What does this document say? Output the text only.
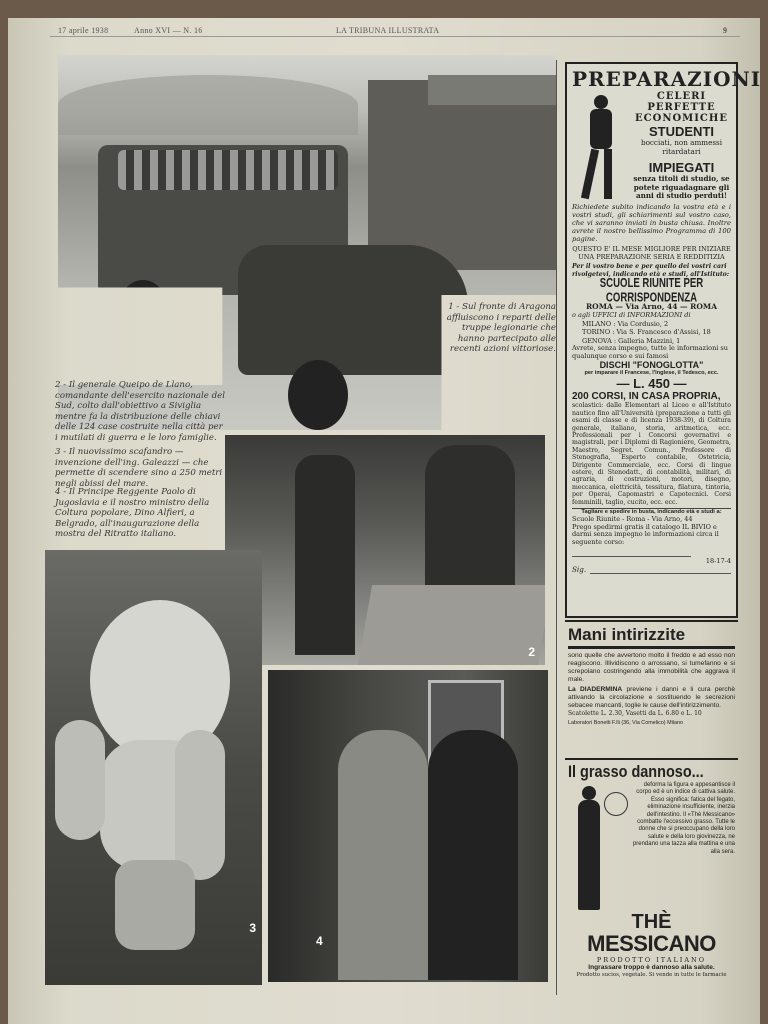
17 aprile 1938	Anno XVI — N. 16	LA TRIBUNA ILLUSTRATA	9
1 - Sul fronte di Aragona affluiscono i reparti delle truppe legionarie che hanno partecipato alle recenti azioni vittoriose.
2 - Il generale Queipo de Llano, comandante dell'esercito nazionale del Sud, colto dall'obiettivo a Siviglia mentre fa la distribuzione delle chiavi delle 124 case costruite nella città per i mutilati di guerra e le loro famiglie.
3 - Il nuovissimo scafandro — invenzione dell'ing. Galeazzi — che permette di scendere sino a 250 metri negli abissi del mare.
4 - Il Principe Reggente Paolo di Jugoslavia e il nostro ministro della Coltura popolare, Dino Alfieri, a Belgrado, all'inaugurazione della mostra del Ritratto italiano.
2
3
4
PREPARAZIONI
CELERI
PERFETTE
ECONOMICHE
STUDENTI
bocciati, non ammessi ritardatari
IMPIEGATI
senza titoli di studio, se potete riguadagnare gli anni di studio perduti!
Richiedete subito indicando la vostra età e i vostri studi, gli schiarimenti sul vostro caso, che vi saranno inviati in busta chiusa. Inoltre avrete il nostro bellissimo Programma di 100 pagine.
QUESTO E' IL MESE MIGLIORE PER INIZIARE UNA PREPARAZIONE SERIA E REDDITIZIA
Per il vostro bene e per quello dei vostri cari rivolgetevi, indicando età e studi, all'Istituto:
SCUOLE RIUNITE PER CORRISPONDENZA
ROMA — Via Arno, 44 — ROMA
o agli UFFICI di INFORMAZIONI di
MILANO : Via Cordusio, 2
TORINO : Via S. Francesco d'Assisi, 18
GENOVA : Galleria Mazzini, 1
Avrete, senza impegno, tutte le informazioni su qualunque corso e sui famosi
DISCHI "FONOGLOTTA"
per imparare il Francese, l'Inglese, il Tedesco, ecc.
— L. 450 —
200 CORSI, IN CASA PROPRIA,
scolastici: dalle Elementari al Liceo e all'Istituto nautico fino all'Università (preparazione a tutti gli esami di classe e di licenza 1938-39), di Coltura generale, italiano, storia, aritmetica, ecc. Professionali per i Concorsi governativi e magistrali, per i Diplomi di Ragioniere, Geometra, Maestro, Segret. Comun., Professore di Stenografia, Esperto contabile, Ostetricia, Dirigente Commerciale, ecc. Corsi di lingue estere, di Stenodatt., di contabilità, militari, di agraria, di costruzioni, motori, disegno, meccanica, elettricità, tessitura, filatura, tintoria, per Operai, Capomastri e Capotecnici. Corsi femminili, taglio, cucito, ecc. ecc.
Tagliare e spedire in busta, indicando età e studi a:
Scuole Riunite - Roma - Via Arno, 44
Prego spedirmi gratis il catalogo IL BIVIO e darmi senza impegno le informazioni circa il seguente corso:
18-17-4
Sig.
Mani intirizzite
sono quelle che avvertono molto il freddo e ad esso non reagiscono. Illividiscono o arrossano, si tumefanno e si screpolano costringendo alla immobilità che aggrava il male.
La DIADERMINA previene i danni e li cura perchè attivando la circolazione e sostituendo le secrezioni sebacee mancanti, toglie le cause dell'intirizzimento.
Scatolette L. 2.30, Vasetti da L. 6.80 e L. 10
Laboratori Bonetti F.lli (36, Via Comelico) Milano
Il grasso dannoso...
deforma la figura e appesantisce il corpo ed è un indice di cattiva salute. Esso significa: fatica del fegato, eliminazione insufficiente, inerzia dell'intestino. Il «Thè Messicano» combatte l'eccessivo grasso. Tutte le donne che si preoccupano della loro salute e della loro giovinezza, ne prendano una tazza alla mattina e una alla sera.
THÈ
MESSICANO
PRODOTTO ITALIANO
Ingrassare troppo è dannoso alla salute.
Prodotto sucios, vegetale. Si vende in tutte le farmacie
